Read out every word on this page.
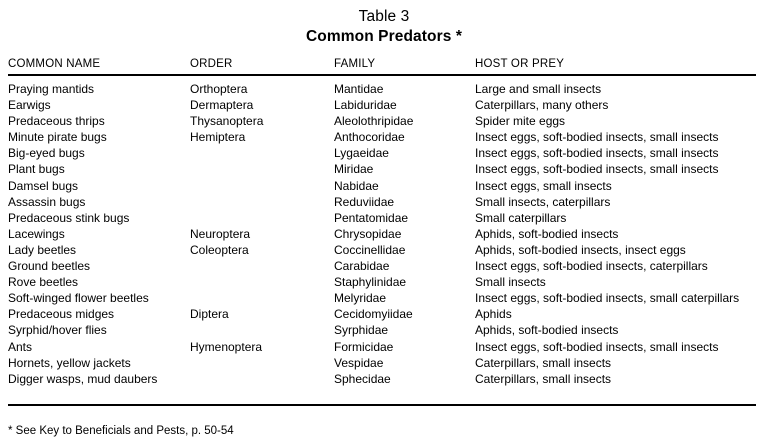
Table 3
Common Predators *
COMMON NAME	ORDER	FAMILY	HOST OR PREY
Praying mantids	Orthoptera	Mantidae	Large and small insects
Earwigs	Dermaptera	Labiduridae	Caterpillars, many others
Predaceous thrips	Thysanoptera	Aleolothripidae	Spider mite eggs
Minute pirate bugs	Hemiptera	Anthocoridae	Insect eggs, soft-bodied insects, small insects
Big-eyed bugs		Lygaeidae	Insect eggs, soft-bodied insects, small insects
Plant bugs		Miridae	Insect eggs, soft-bodied insects, small insects
Damsel bugs		Nabidae	Insect eggs, small insects
Assassin bugs		Reduviidae	Small insects, caterpillars
Predaceous stink bugs		Pentatomidae	Small caterpillars
Lacewings	Neuroptera	Chrysopidae	Aphids, soft-bodied insects
Lady beetles	Coleoptera	Coccinellidae	Aphids, soft-bodied insects, insect eggs
Ground beetles		Carabidae	Insect eggs, soft-bodied insects, caterpillars
Rove beetles		Staphylinidae	Small insects
Soft-winged flower beetles		Melyridae	Insect eggs, soft-bodied insects, small caterpillars
Predaceous midges	Diptera	Cecidomyiidae	Aphids
Syrphid/hover flies		Syrphidae	Aphids, soft-bodied insects
Ants	Hymenoptera	Formicidae	Insect eggs, soft-bodied insects, small insects
Hornets, yellow jackets		Vespidae	Caterpillars, small insects
Digger wasps, mud daubers		Sphecidae	Caterpillars, small insects
* See Key to Beneficials and Pests, p. 50-54
